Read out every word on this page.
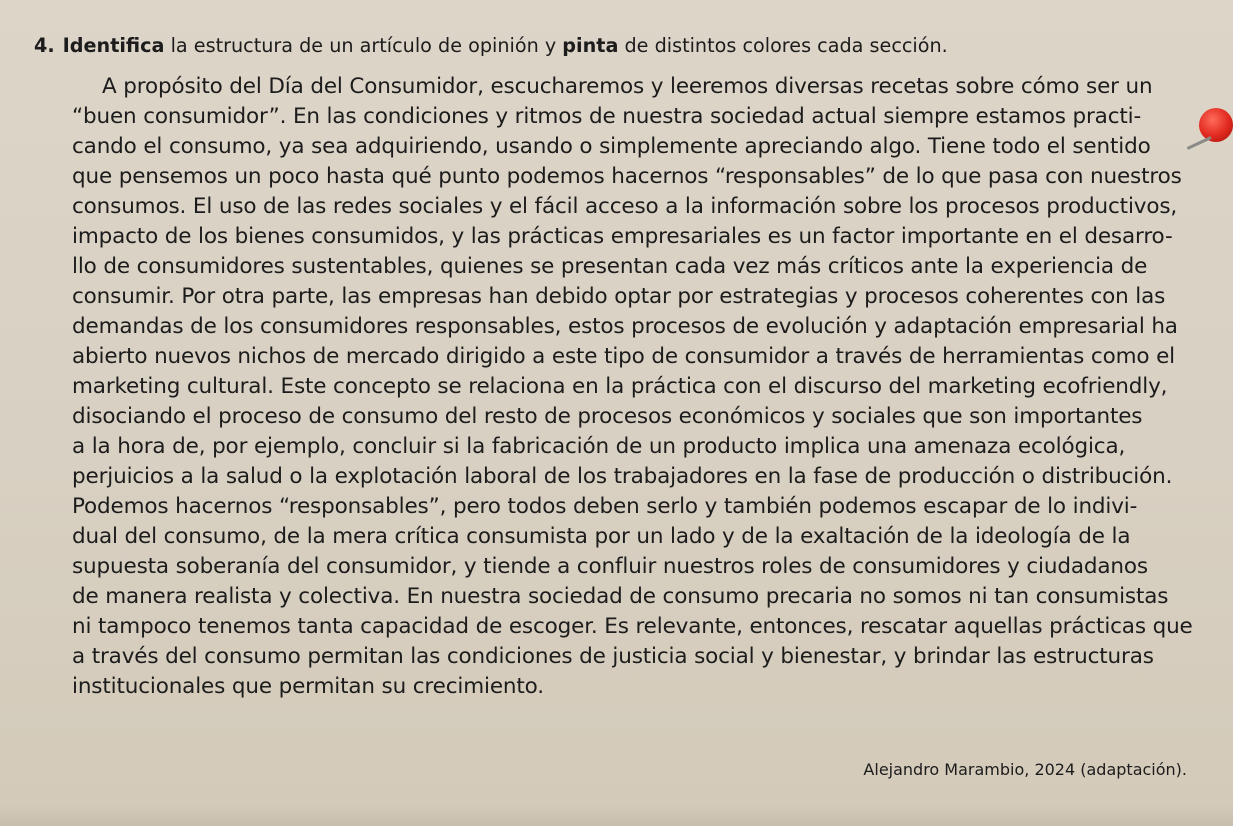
4. Identifica la estructura de un artículo de opinión y pinta de distintos colores cada sección.
A propósito del Día del Consumidor, escucharemos y leeremos diversas recetas sobre cómo ser un
“buen consumidor”. En las condiciones y ritmos de nuestra sociedad actual siempre estamos practi-
cando el consumo, ya sea adquiriendo, usando o simplemente apreciando algo. Tiene todo el sentido
que pensemos un poco hasta qué punto podemos hacernos “responsables” de lo que pasa con nuestros
consumos. El uso de las redes sociales y el fácil acceso a la información sobre los procesos productivos,
impacto de los bienes consumidos, y las prácticas empresariales es un factor importante en el desarro-
llo de consumidores sustentables, quienes se presentan cada vez más críticos ante la experiencia de
consumir. Por otra parte, las empresas han debido optar por estrategias y procesos coherentes con las
demandas de los consumidores responsables, estos procesos de evolución y adaptación empresarial ha
abierto nuevos nichos de mercado dirigido a este tipo de consumidor a través de herramientas como el
marketing cultural. Este concepto se relaciona en la práctica con el discurso del marketing ecofriendly,
disociando el proceso de consumo del resto de procesos económicos y sociales que son importantes
a la hora de, por ejemplo, concluir si la fabricación de un producto implica una amenaza ecológica,
perjuicios a la salud o la explotación laboral de los trabajadores en la fase de producción o distribución.
Podemos hacernos “responsables”, pero todos deben serlo y también podemos escapar de lo indivi-
dual del consumo, de la mera crítica consumista por un lado y de la exaltación de la ideología de la
supuesta soberanía del consumidor, y tiende a confluir nuestros roles de consumidores y ciudadanos
de manera realista y colectiva. En nuestra sociedad de consumo precaria no somos ni tan consumistas
ni tampoco tenemos tanta capacidad de escoger. Es relevante, entonces, rescatar aquellas prácticas que
a través del consumo permitan las condiciones de justicia social y bienestar, y brindar las estructuras
institucionales que permitan su crecimiento.
Alejandro Marambio, 2024 (adaptación).
